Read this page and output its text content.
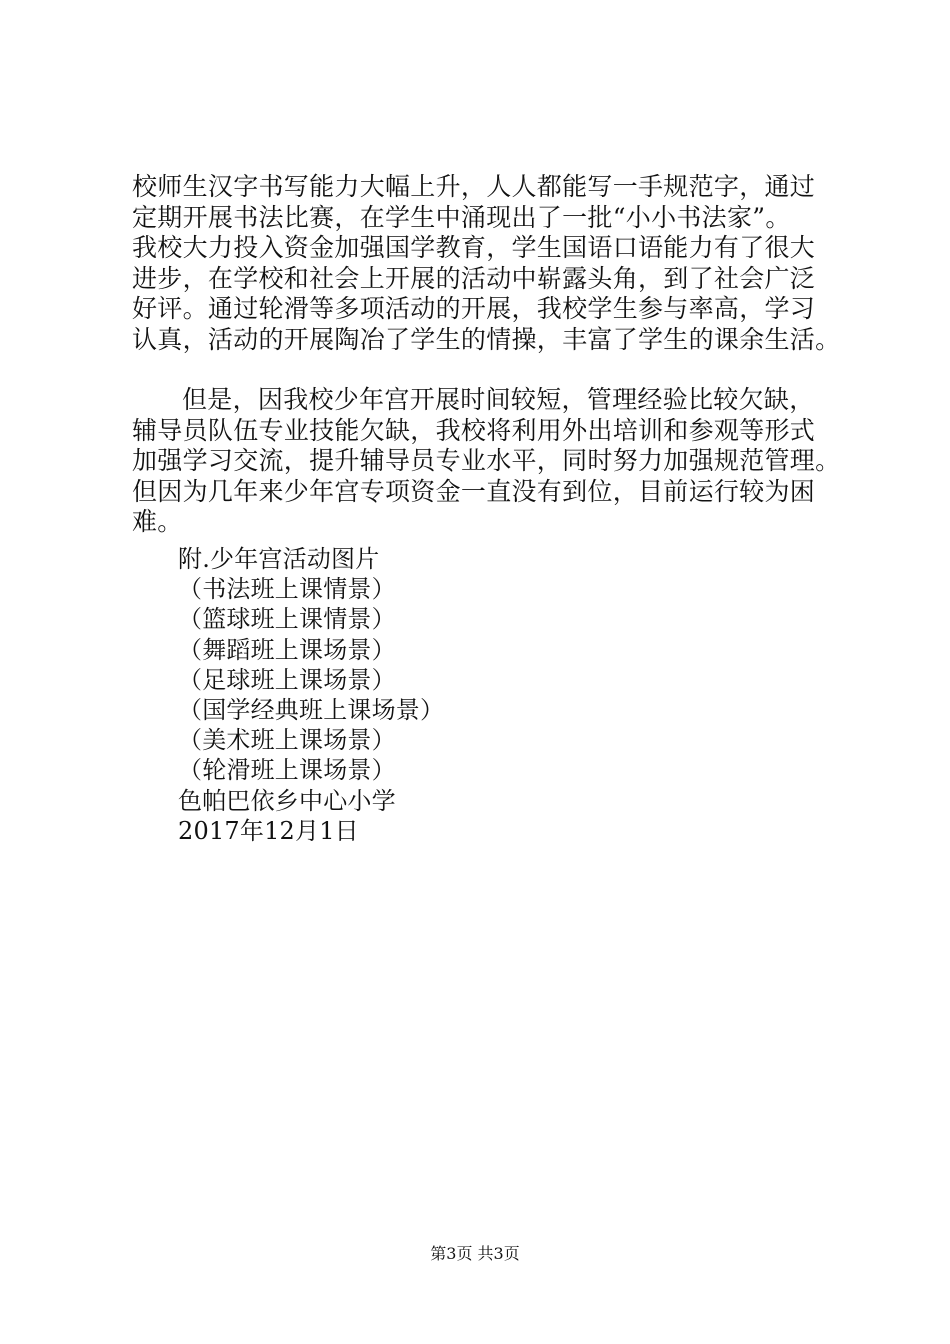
校师生汉字书写能力大幅上升，人人都能写一手规范字，通过
定期开展书法比赛，在学生中涌现出了一批“小小书法家”。
我校大力投入资金加强国学教育，学生国语口语能力有了很大
进步，在学校和社会上开展的活动中崭露头角，到了社会广泛
好评。通过轮滑等多项活动的开展，我校学生参与率高，学习
认真，活动的开展陶冶了学生的情操，丰富了学生的课余生活。
但是，因我校少年宫开展时间较短，管理经验比较欠缺，
辅导员队伍专业技能欠缺，我校将利用外出培训和参观等形式
加强学习交流，提升辅导员专业水平，同时努力加强规范管理。
但因为几年来少年宫专项资金一直没有到位，目前运行较为困
难。
附.少年宫活动图片
（书法班上课情景）
（篮球班上课情景）
（舞蹈班上课场景）
（足球班上课场景）
（国学经典班上课场景）
（美术班上课场景）
（轮滑班上课场景）
色帕巴依乡中心小学
2017年12月1日
第3页 共3页
